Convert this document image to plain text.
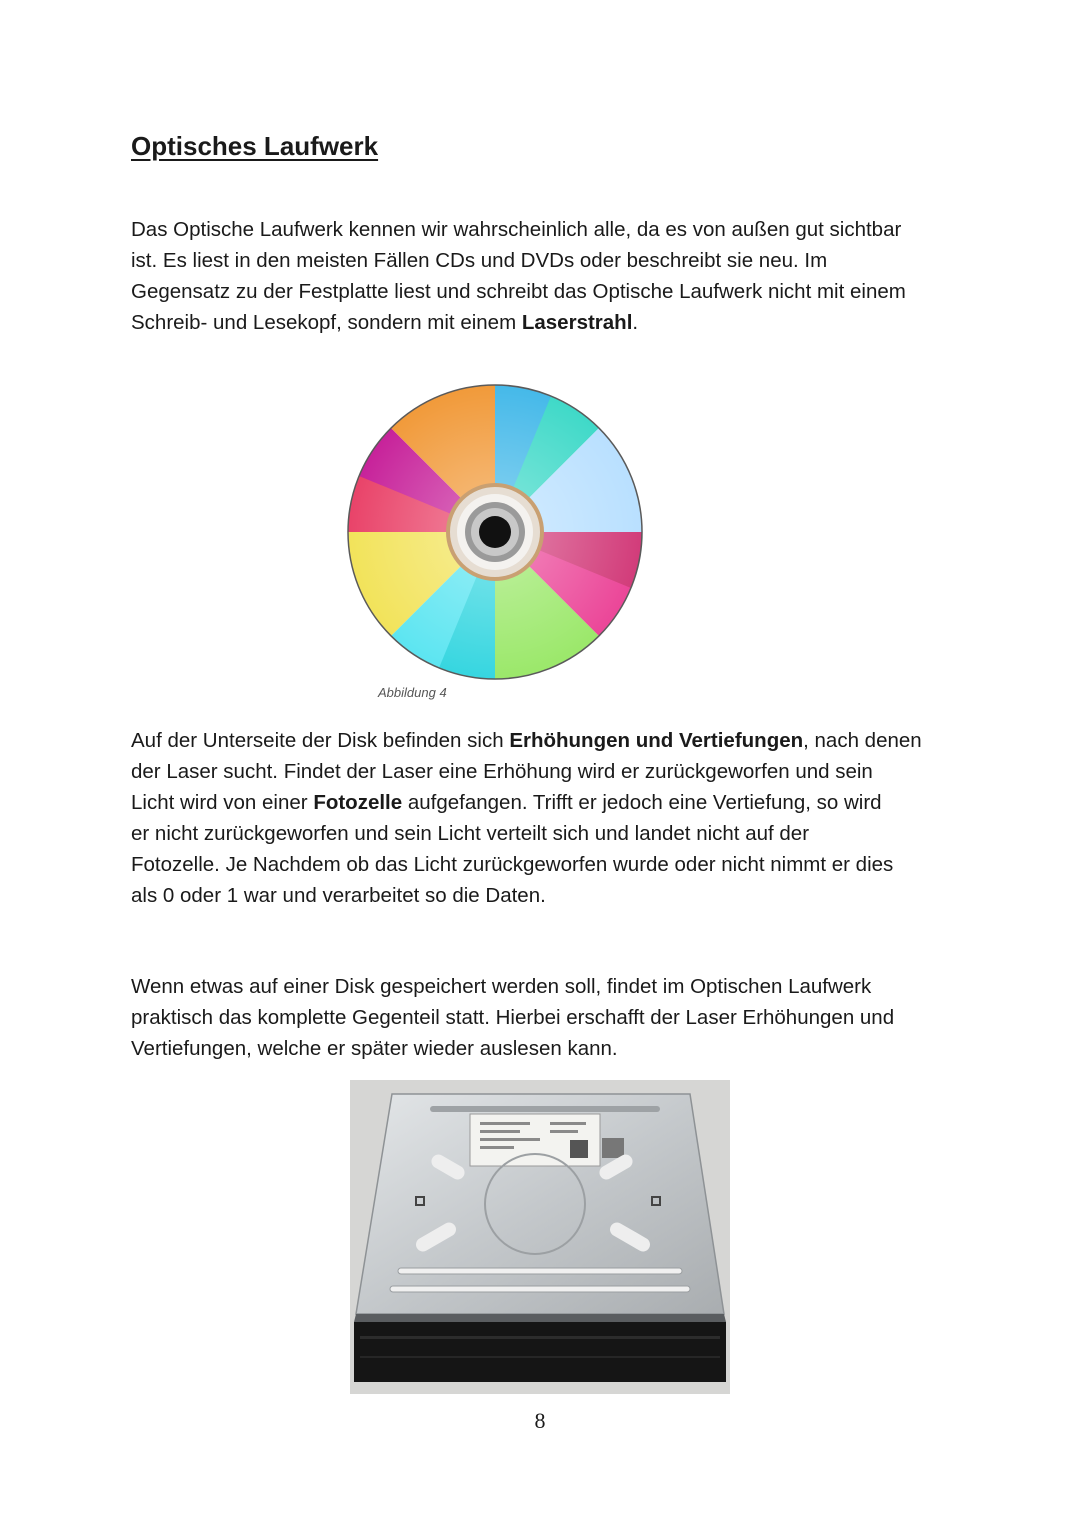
Optisches Laufwerk

Das Optische Laufwerk kennen wir wahrscheinlich alle, da es von außen gut sichtbar
ist. Es liest in den meisten Fällen CDs und DVDs oder beschreibt sie neu. Im
Gegensatz zu der Festplatte liest und schreibt das Optische Laufwerk nicht mit einem
Schreib- und Lesekopf, sondern mit einem Laserstrahl.

Abbildung 4

Auf der Unterseite der Disk befinden sich Erhöhungen und Vertiefungen, nach denen
der Laser sucht. Findet der Laser eine Erhöhung wird er zurückgeworfen und sein
Licht wird von einer Fotozelle aufgefangen. Trifft er jedoch eine Vertiefung, so wird
er nicht zurückgeworfen und sein Licht verteilt sich und landet nicht auf der
Fotozelle. Je Nachdem ob das Licht zurückgeworfen wurde oder nicht nimmt er dies
als 0 oder 1 war und verarbeitet so die Daten.

Wenn etwas auf einer Disk gespeichert werden soll, findet im Optischen Laufwerk
praktisch das komplette Gegenteil statt. Hierbei erschafft der Laser Erhöhungen und
Vertiefungen, welche er später wieder auslesen kann.

8
